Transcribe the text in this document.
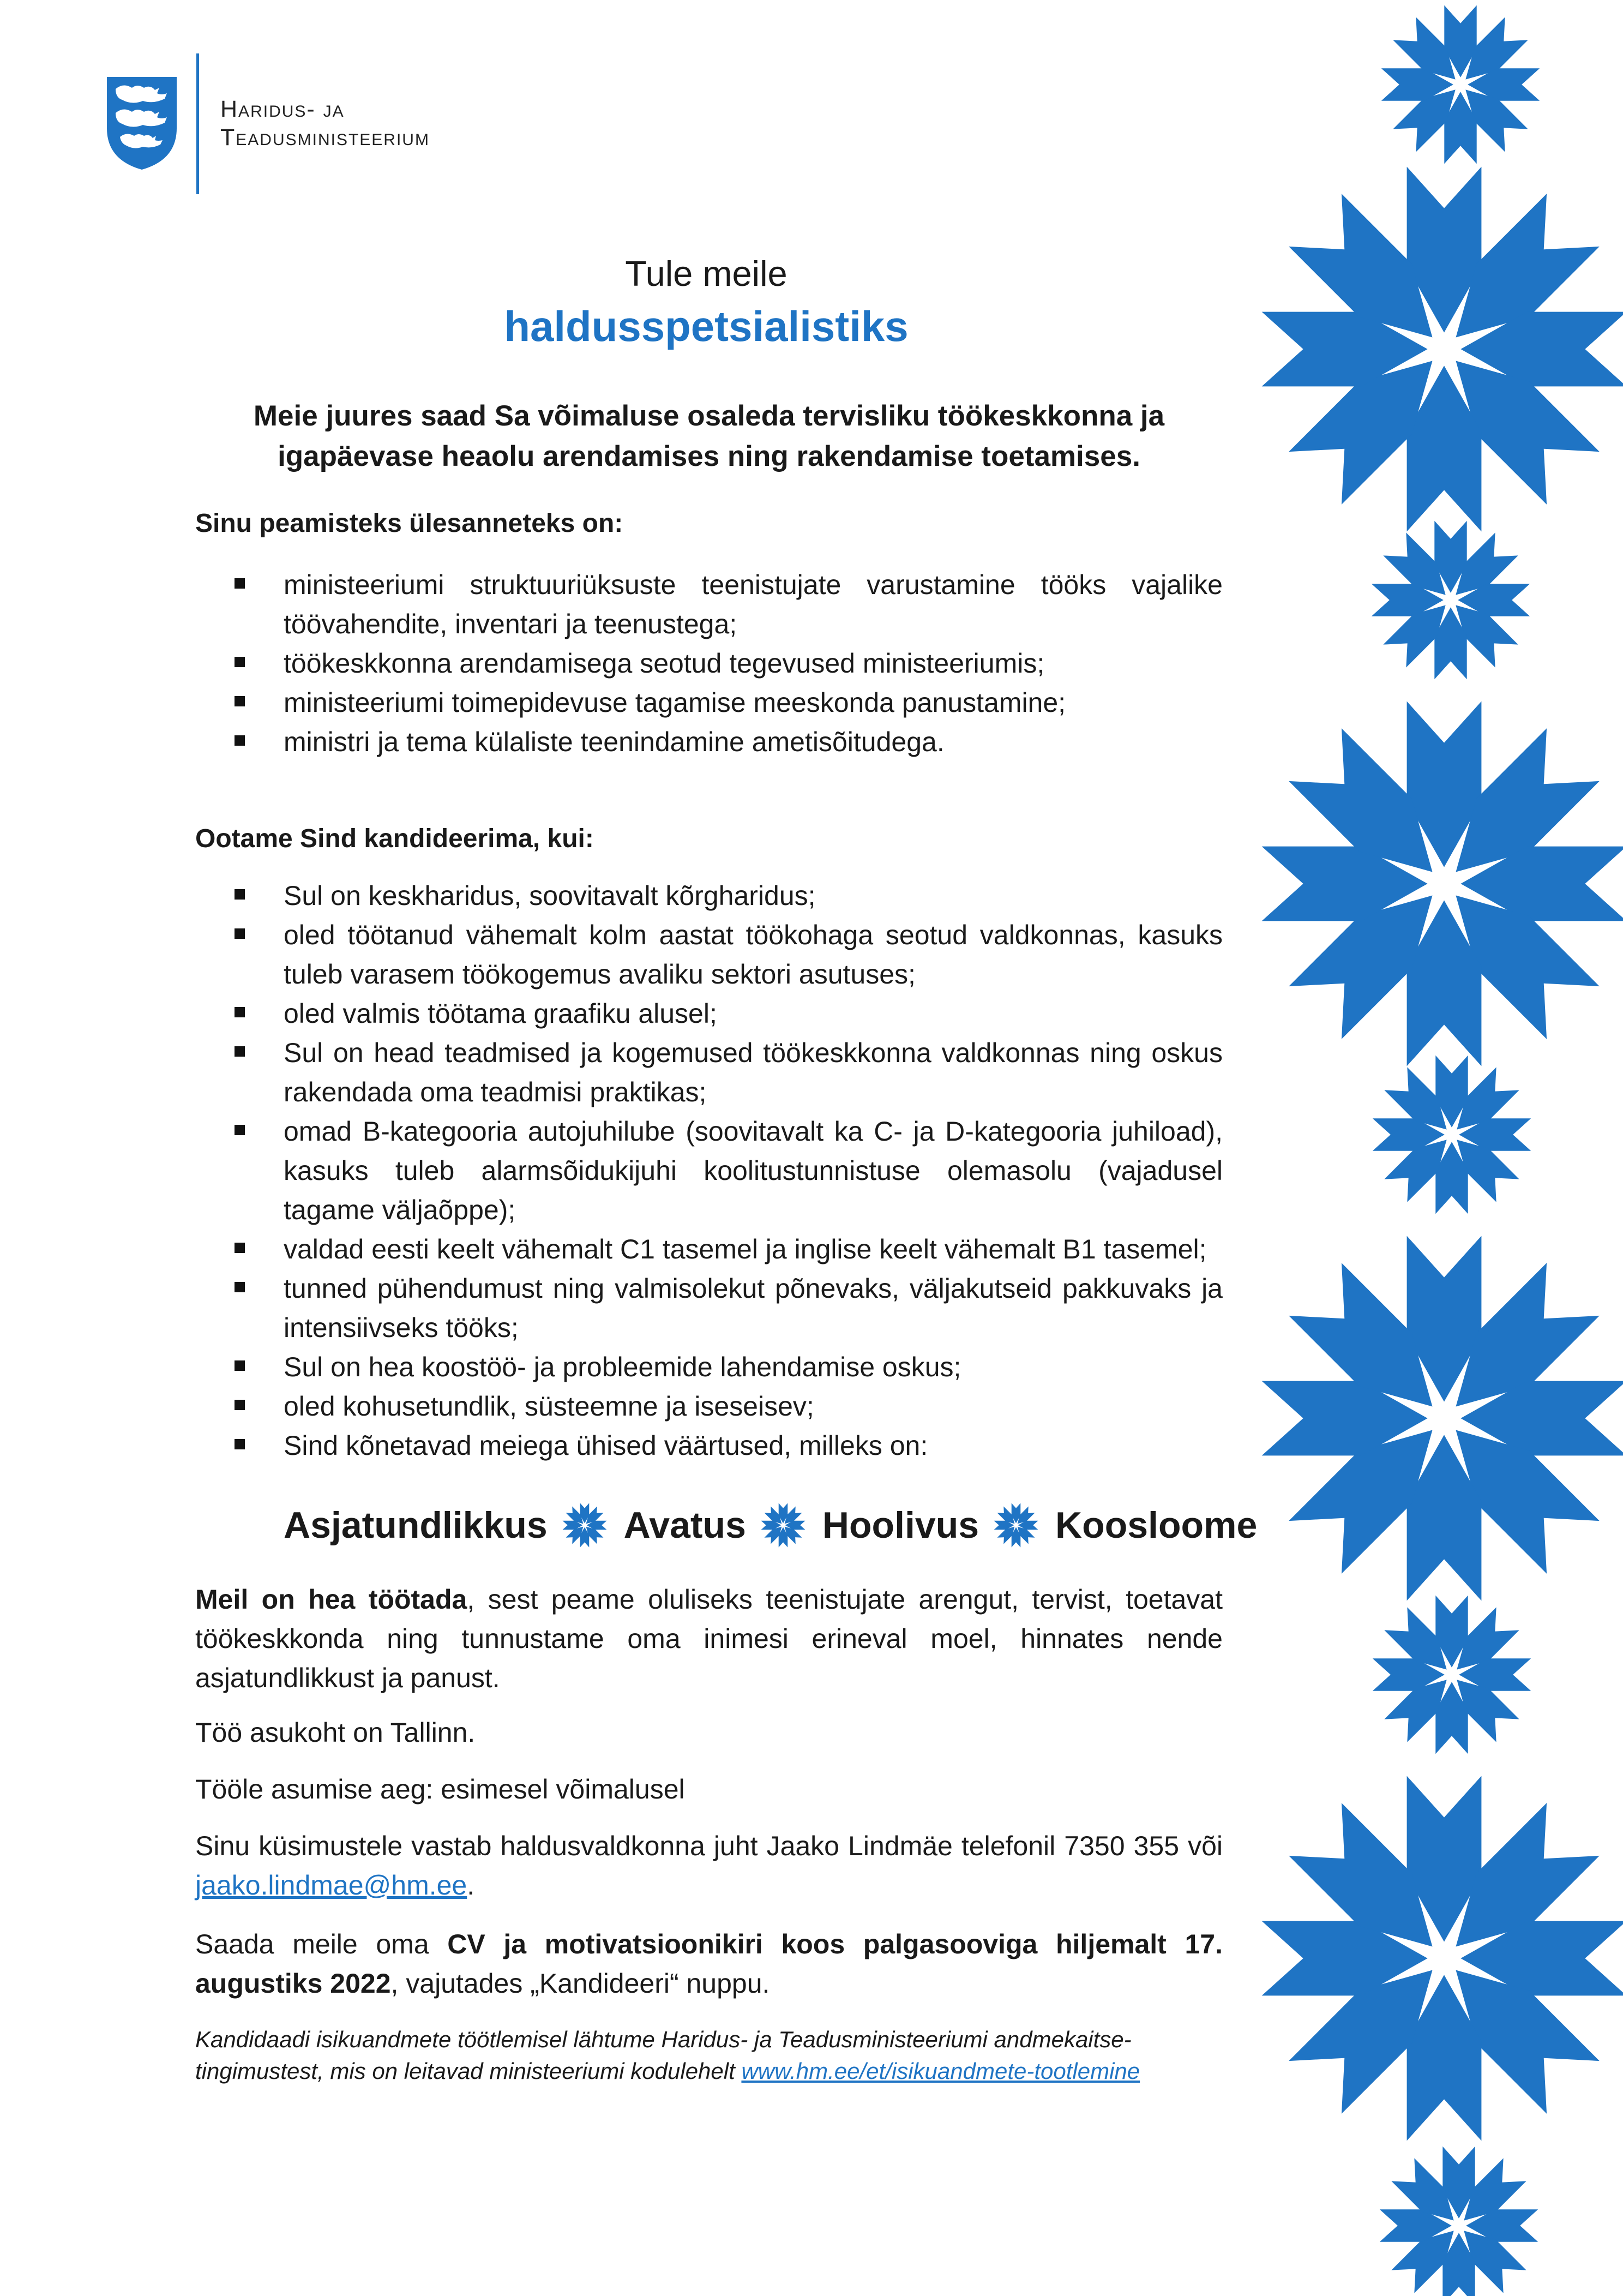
Haridus- ja
Teadusministeerium
Tule meile
haldusspetsialistiks
Meie juures saad Sa võimaluse osaleda tervisliku töökeskkonna ja
igapäevase heaolu arendamises ning rakendamise toetamises.
Sinu peamisteks ülesanneteks on:
ministeeriumi struktuuriüksuste teenistujate varustamine tööks vajalike töövahendite, inventari ja teenustega;
töökeskkonna arendamisega seotud tegevused ministeeriumis;
ministeeriumi toimepidevuse tagamise meeskonda panustamine;
ministri ja tema külaliste teenindamine ametisõitudega.
Ootame Sind kandideerima, kui:
Sul on keskharidus, soovitavalt kõrgharidus;
oled töötanud vähemalt kolm aastat töökohaga seotud valdkonnas, kasuks tuleb varasem töökogemus avaliku sektori asutuses;
oled valmis töötama graafiku alusel;
Sul on head teadmised ja kogemused töökeskkonna valdkonnas ning oskus rakendada oma teadmisi praktikas;
omad B-kategooria autojuhilube (soovitavalt ka C- ja D-kategooria juhiload), kasuks tuleb alarmsõidukijuhi koolitustunnistuse olemasolu (vajadusel tagame väljaõppe);
valdad eesti keelt vähemalt C1 tasemel ja inglise keelt vähemalt B1 tasemel;
tunned pühendumust ning valmisolekut põnevaks, väljakutseid pakkuvaks ja intensiivseks tööks;
Sul on hea koostöö- ja probleemide lahendamise oskus;
oled kohusetundlik, süsteemne ja iseseisev;
Sind kõnetavad meiega ühised väärtused, milleks on:
Asjatundlikkus Avatus Hoolivus Koosloome
Meil on hea töötada, sest peame oluliseks teenistujate arengut, tervist, toetavat töökeskkonda ning tunnustame oma inimesi erineval moel, hinnates nende asjatundlikkust ja panust.
Töö asukoht on Tallinn.
Tööle asumise aeg: esimesel võimalusel
Sinu küsimustele vastab haldusvaldkonna juht Jaako Lindmäe telefonil 7350 355 või jaako.lindmae@hm.ee.
Saada meile oma CV ja motivatsioonikiri koos palgasooviga hiljemalt 17. augustiks 2022, vajutades „Kandideeri“ nuppu.
Kandidaadi isikuandmete töötlemisel lähtume Haridus- ja Teadusministeeriumi andmekaitse-
tingimustest, mis on leitavad ministeeriumi kodulehelt www.hm.ee/et/isikuandmete-tootlemine
